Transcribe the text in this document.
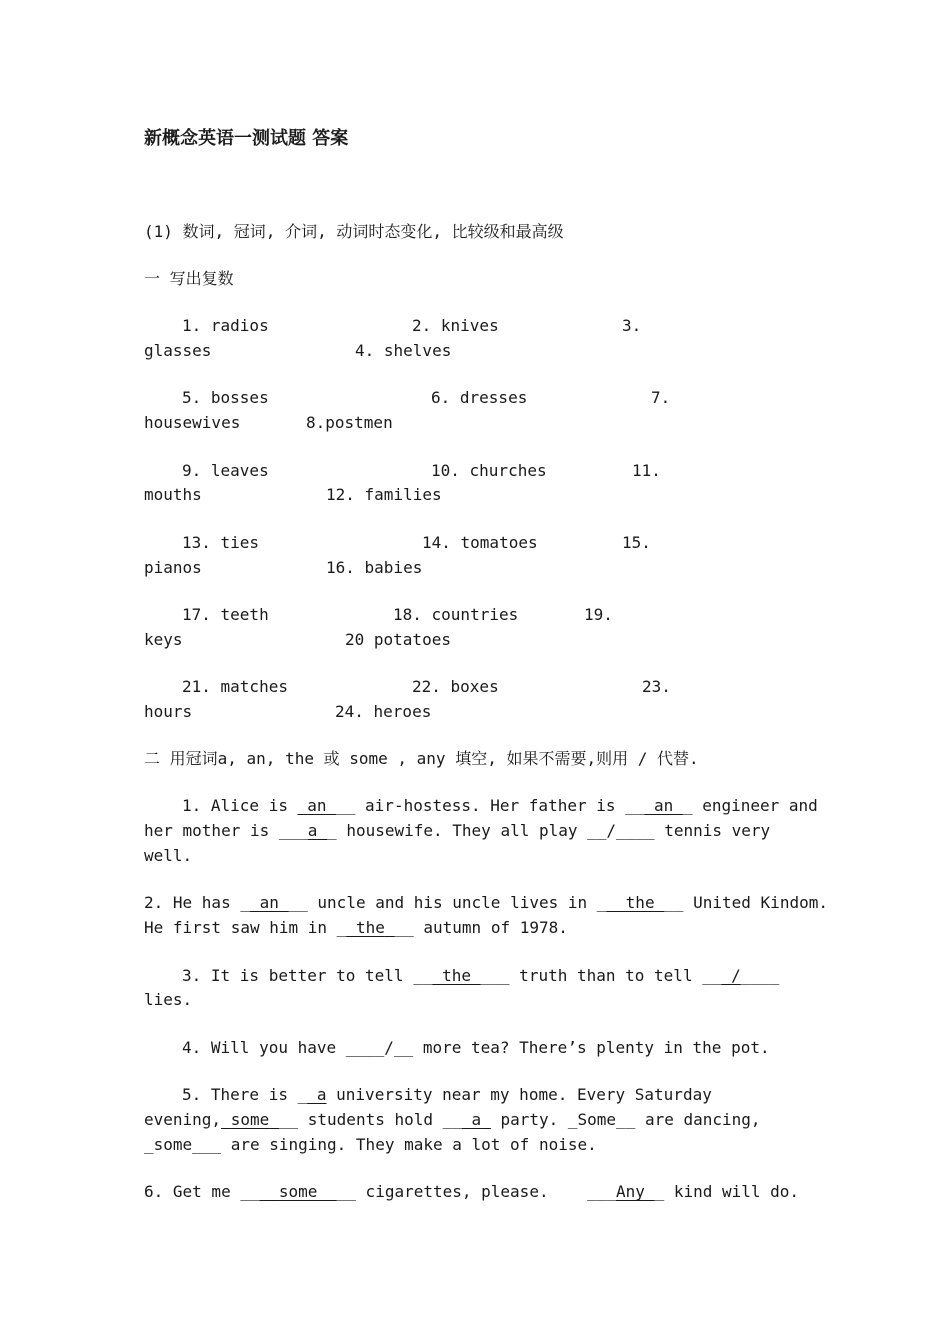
新概念英语一测试题 答案
(1) 数词, 冠词, 介词, 动词时态变化, 比较级和最高级
一 写出复数
1. radios	2. knives	3.
glasses	4. shelves
5. bosses	6. dresses	7.
housewives	8.postmen
9. leaves	10. churches	11.
mouths	12. families
13. ties	14. tomatoes	15.
pianos	16. babies
17. teeth	18. countries	19.
keys	20 potatoes
21. matches	22. boxes	23.
hours	24. heroes
二 用冠词a, an, the 或 some , any 填空, 如果不需要,则用 / 代替.
1. Alice is _an___ air-hostess. Her father is ___an__ engineer and
her mother is ___a__ housewife. They all play __/____ tennis very
well.
2. He has __an___ uncle and his uncle lives in ___the___ United Kindom.
He first saw him in __the___ autumn of 1978.
3. It is better to tell ___the____ truth than to tell ___/____
lies.
4. Will you have ____/__ more tea? There’s plenty in the pot.
5. There is __a university near my home. Every Saturday
evening,_some___ students hold ___a_ party. _Some__ are dancing,
_some___ are singing. They make a lot of noise.
6. Get me ____some____ cigarettes, please.    ___Any__ kind will do.
